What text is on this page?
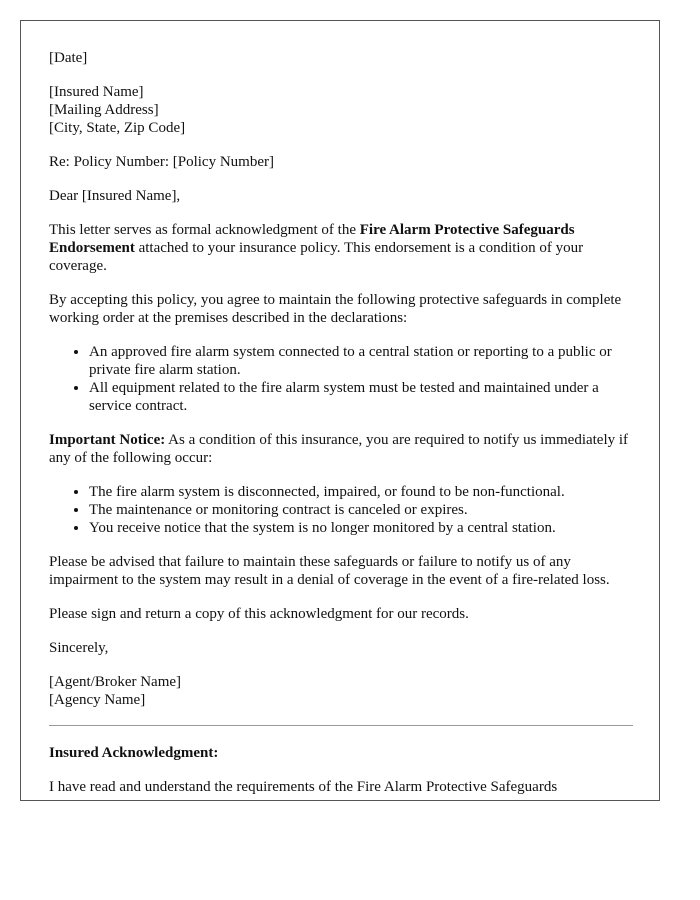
[Date]

[Insured Name]
[Mailing Address]
[City, State, Zip Code]

Re: Policy Number: [Policy Number]

Dear [Insured Name],

This letter serves as formal acknowledgment of the Fire Alarm Protective Safeguards Endorsement attached to your insurance policy. This endorsement is a condition of your coverage.

By accepting this policy, you agree to maintain the following protective safeguards in complete working order at the premises described in the declarations:

• An approved fire alarm system connected to a central station or reporting to a public or private fire alarm station.
• All equipment related to the fire alarm system must be tested and maintained under a service contract.

Important Notice: As a condition of this insurance, you are required to notify us immediately if any of the following occur:

• The fire alarm system is disconnected, impaired, or found to be non-functional.
• The maintenance or monitoring contract is canceled or expires.
• You receive notice that the system is no longer monitored by a central station.

Please be advised that failure to maintain these safeguards or failure to notify us of any impairment to the system may result in a denial of coverage in the event of a fire-related loss.

Please sign and return a copy of this acknowledgment for our records.

Sincerely,

[Agent/Broker Name]
[Agency Name]

Insured Acknowledgment:

I have read and understand the requirements of the Fire Alarm Protective Safeguards
